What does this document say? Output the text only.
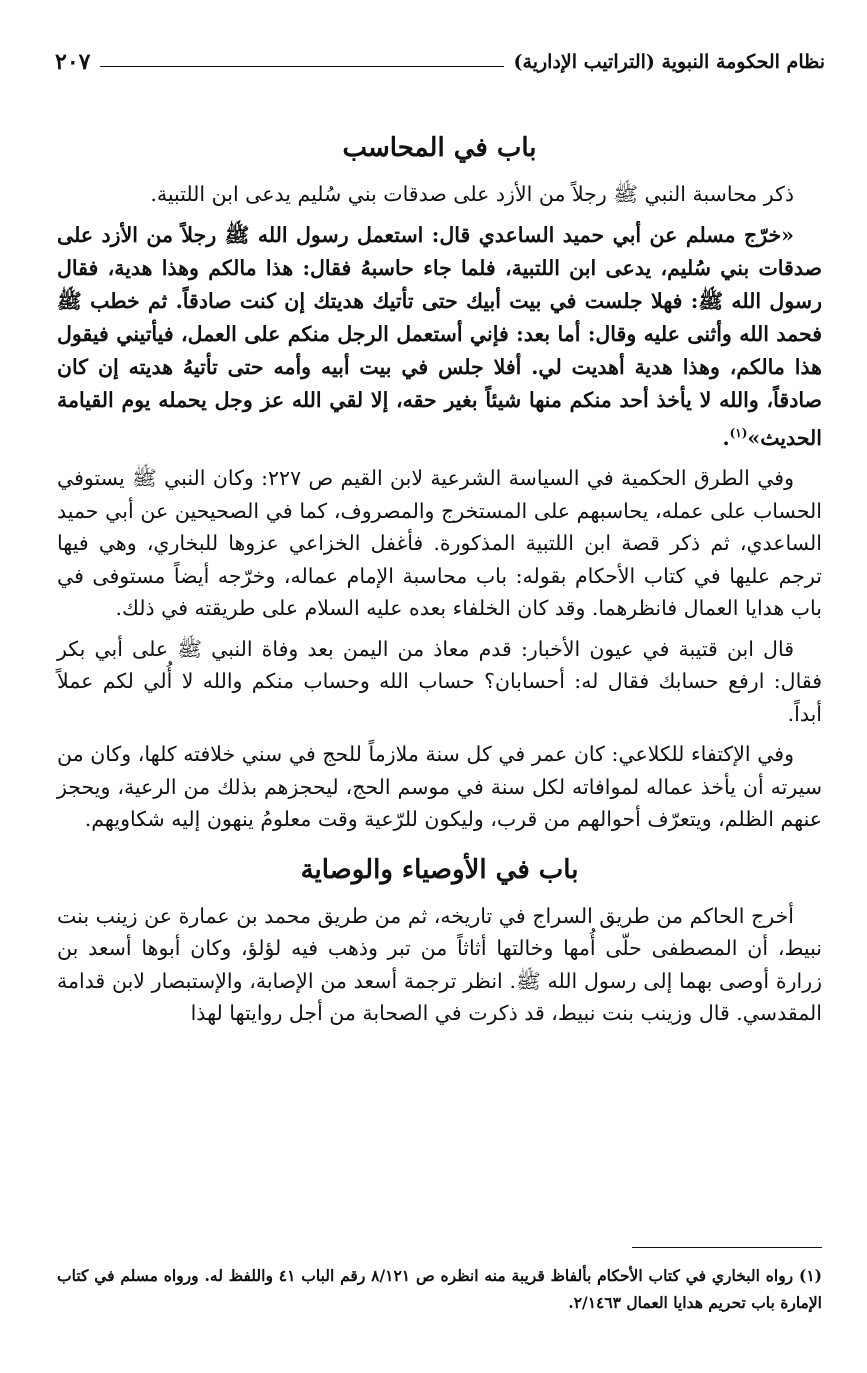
نظام الحكومة النبوية (التراتيب الإدارية)
٢٠٧
باب في المحاسب

ذكر محاسبة النبي ﷺ رجلاً من الأزد على صدقات بني سُليم يدعى ابن اللتبية.

«خرّج مسلم عن أبي حميد الساعدي قال: استعمل رسول الله ﷺ رجلاً من الأزد على صدقات بني سُليم، يدعى ابن اللتبية، فلما جاء حاسبهُ فقال: هذا مالكم وهذا هدية، فقال رسول الله ﷺ: فهلا جلست في بيت أبيك حتى تأتيك هديتك إن كنت صادقاً. ثم خطب ﷺ فحمد الله وأثنى عليه وقال: أما بعد: فإني أستعمل الرجل منكم على العمل، فيأتيني فيقول هذا مالكم، وهذا هدية أهديت لي. أفلا جلس في بيت أبيه وأمه حتى تأتيهُ هديته إن كان صادقاً، والله لا يأخذ أحد منكم منها شيئاً بغير حقه، إلا لقي الله عز وجل يحمله يوم القيامة الحديث»$^{(١)}$.

وفي الطرق الحكمية في السياسة الشرعية لابن القيم ص ٢٢٧: وكان النبي ﷺ يستوفي الحساب على عمله، يحاسبهم على المستخرج والمصروف، كما في الصحيحين عن أبي حميد الساعدي، ثم ذكر قصة ابن اللتبية المذكورة. فأغفل الخزاعي عزوها للبخاري، وهي فيها ترجم عليها في كتاب الأحكام بقوله: باب محاسبة الإمام عماله، وخرّجه أيضاً مستوفى في باب هدايا العمال فانظرهما. وقد كان الخلفاء بعده عليه السلام على طريقته في ذلك.

قال ابن قتيبة في عيون الأخبار: قدم معاذ من اليمن بعد وفاة النبي ﷺ على أبي بكر فقال: ارفع حسابك فقال له: أحسابان؟ حساب الله وحساب منكم والله لا أُلي لكم عملاً أبداً.

وفي الإكتفاء للكلاعي: كان عمر في كل سنة ملازماً للحج في سني خلافته كلها، وكان من سيرته أن يأخذ عماله لموافاته لكل سنة في موسم الحج، ليحجزهم بذلك من الرعية، ويحجز عنهم الظلم، ويتعرّف أحوالهم من قرب، وليكون للرّعية وقت معلومُ ينهون إليه شكاويهم.

باب في الأوصياء والوصاية

أخرج الحاكم من طريق السراج في تاريخه، ثم من طريق محمد بن عمارة عن زينب بنت نبيط، أن المصطفى حلّى أُمها وخالتها أثاثاً من تبر وذهب فيه لؤلؤ، وكان أبوها أسعد بن زرارة أوصى بهما إلى رسول الله ﷺ. انظر ترجمة أسعد من الإصابة، والإستبصار لابن قدامة المقدسي. قال وزينب بنت نبيط، قد ذكرت في الصحابة من أجل روايتها لهذا

(١) رواه البخاري في كتاب الأحكام بألفاظ قريبة منه انظره ص ٨/١٢١ رقم الباب ٤١ واللفظ له. ورواه مسلم في كتاب الإمارة باب تحريم هدايا العمال ٢/١٤٦٣.
